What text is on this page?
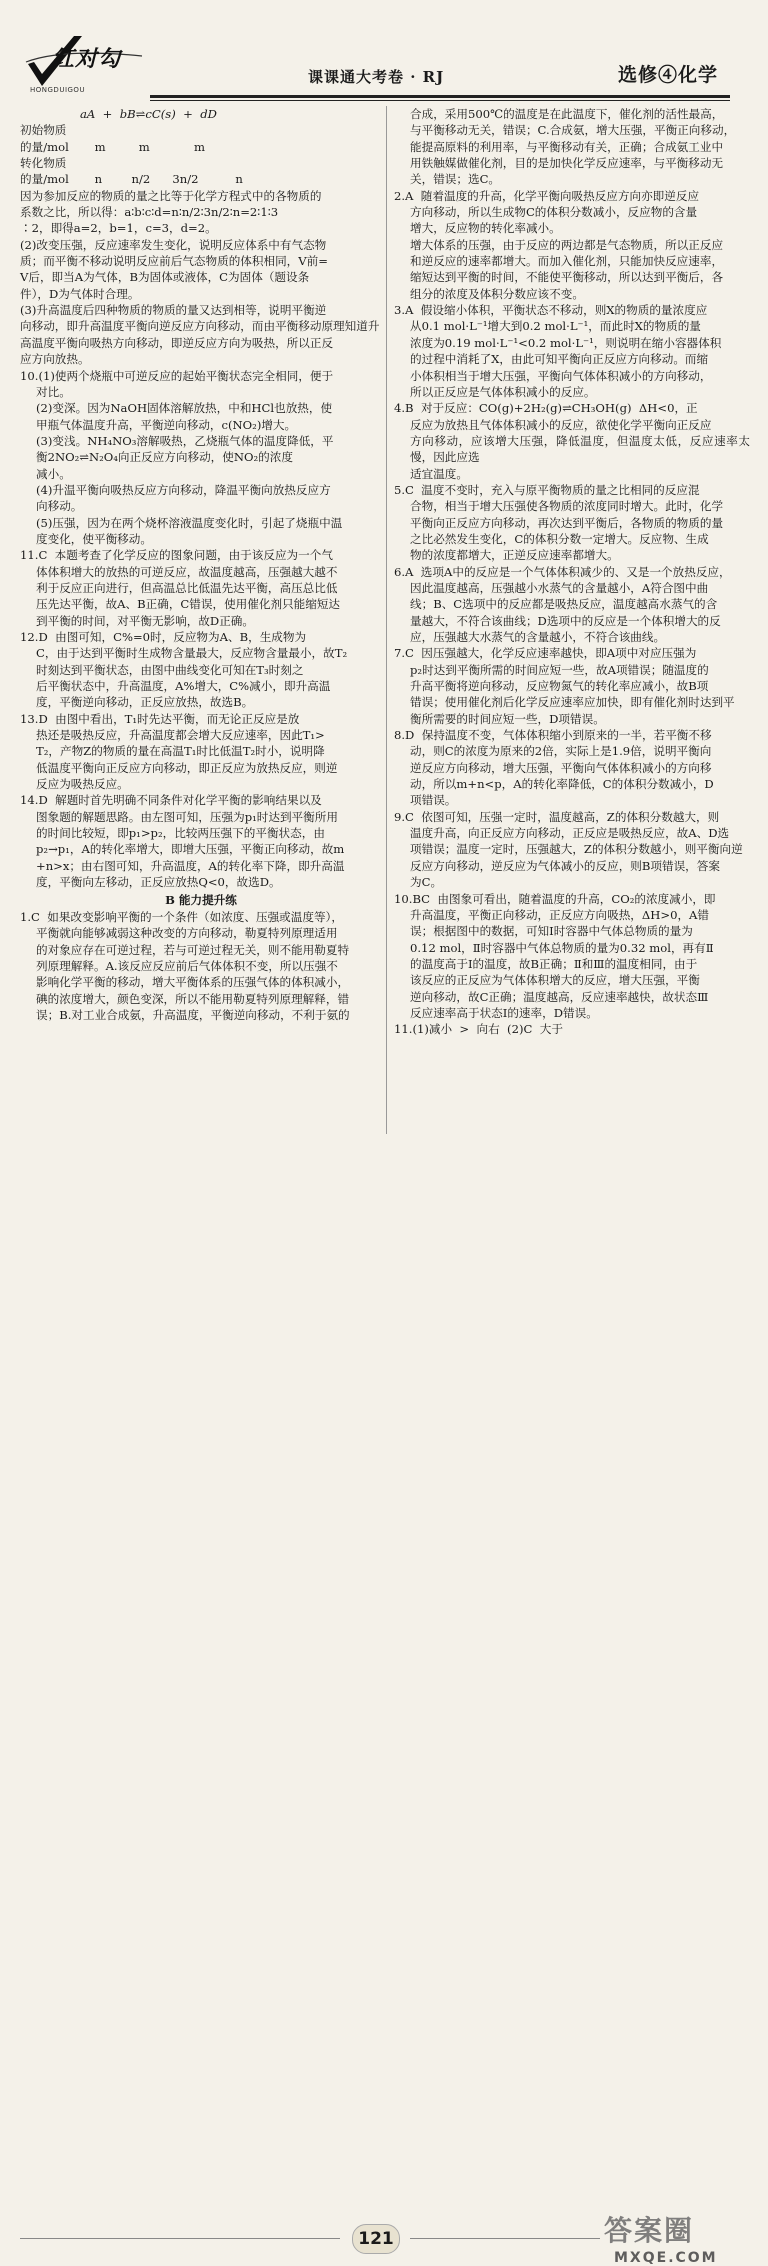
红对勾
HONGDUIGOU
课课通大考卷 · RJ	选修④化学

aA  +  bB⇌cC(s)  +  dD

初始物质

的量/mol       m         m            m

转化物质

的量/mol       n        n/2      3n/2          n

因为参加反应的物质的量之比等于化学方程式中的各物质的

系数之比，所以得：a∶b∶c∶d=n∶n/2∶3n/2∶n=2∶1∶3

∶2，即得a=2，b=1，c=3，d=2。

(2)改变压强，反应速率发生变化，说明反应体系中有气态物

质；而平衡不移动说明反应前后气态物质的体积相同，V前=

V后，即当A为气体，B为固体或液体，C为固体（题设条

件），D为气体时合理。

(3)升高温度后四种物质的物质的量又达到相等，说明平衡逆

向移动，即升高温度平衡向逆反应方向移动，而由平衡移动原理知道升

高温度平衡向吸热方向移动，即逆反应方向为吸热，所以正反

应方向放热。

10.(1)使两个烧瓶中可逆反应的起始平衡状态完全相同，便于

对比。

(2)变深。因为NaOH固体溶解放热，中和HCl也放热，使

甲瓶气体温度升高，平衡逆向移动，c(NO₂)增大。

(3)变浅。NH₄NO₃溶解吸热，乙烧瓶气体的温度降低，平

衡2NO₂⇌N₂O₄向正反应方向移动，使NO₂的浓度

减小。

(4)升温平衡向吸热反应方向移动，降温平衡向放热反应方

向移动。

(5)压强，因为在两个烧杯溶液温度变化时，引起了烧瓶中温

度变化，使平衡移动。

11.C  本题考查了化学反应的图象问题，由于该反应为一个气

体体积增大的放热的可逆反应，故温度越高，压强越大越不

利于反应正向进行，但高温总比低温先达平衡，高压总比低

压先达平衡，故A、B正确，C错误，使用催化剂只能缩短达

到平衡的时间，对平衡无影响，故D正确。

12.D  由图可知，C%=0时，反应物为A、B，生成物为

C，由于达到平衡时生成物含量最大，反应物含量最小，故T₂

时刻达到平衡状态，由图中曲线变化可知在T₃时刻之

后平衡状态中，升高温度，A%增大，C%减小，即升高温

度，平衡逆向移动，正反应放热，故选B。

13.D  由图中看出，T₁时先达平衡，而无论正反应是放

热还是吸热反应，升高温度都会增大反应速率，因此T₁>

T₂，产物Z的物质的量在高温T₁时比低温T₂时小，说明降

低温度平衡向正反应方向移动，即正反应为放热反应，则逆

反应为吸热反应。

14.D  解题时首先明确不同条件对化学平衡的影响结果以及

图象题的解题思路。由左图可知，压强为p₁时达到平衡所用

的时间比较短，即p₁>p₂，比较两压强下的平衡状态，由

p₂→p₁，A的转化率增大，即增大压强，平衡正向移动，故m

+n>x；由右图可知，升高温度，A的转化率下降，即升高温

度，平衡向左移动，正反应放热Q<0，故选D。

B 能力提升练

1.C  如果改变影响平衡的一个条件（如浓度、压强或温度等），

平衡就向能够减弱这种改变的方向移动，勒夏特列原理适用

的对象应存在可逆过程，若与可逆过程无关，则不能用勒夏特

列原理解释。A.该反应反应前后气体体积不变，所以压强不

影响化学平衡的移动，增大平衡体系的压强气体的体积减小，

碘的浓度增大，颜色变深，所以不能用勒夏特列原理解释，错

误；B.对工业合成氨，升高温度，平衡逆向移动，不利于氨的

合成，采用500℃的温度是在此温度下，催化剂的活性最高，

与平衡移动无关，错误；C.合成氨，增大压强，平衡正向移动，

能提高原料的利用率，与平衡移动有关，正确；合成氨工业中

用铁触媒做催化剂，目的是加快化学反应速率，与平衡移动无

关，错误；选C。

2.A  随着温度的升高，化学平衡向吸热反应方向亦即逆反应

方向移动，所以生成物C的体积分数减小，反应物的含量

增大，反应物的转化率减小。

增大体系的压强，由于反应的两边都是气态物质，所以正反应

和逆反应的速率都增大。而加入催化剂，只能加快反应速率，

缩短达到平衡的时间，不能使平衡移动，所以达到平衡后，各

组分的浓度及体积分数应该不变。

3.A  假设缩小体积，平衡状态不移动，则X的物质的量浓度应

从0.1 mol·L⁻¹增大到0.2 mol·L⁻¹，而此时X的物质的量

浓度为0.19 mol·L⁻¹<0.2 mol·L⁻¹，则说明在缩小容器体积

的过程中消耗了X，由此可知平衡向正反应方向移动。而缩

小体积相当于增大压强，平衡向气体体积减小的方向移动，

所以正反应是气体体积减小的反应。

4.B  对于反应：CO(g)+2H₂(g)⇌CH₃OH(g)  ΔH<0，正

反应为放热且气体体积减小的反应，欲使化学平衡向正反应

方向移动，应该增大压强，降低温度，但温度太低，反应速率太慢，因此应选

适宜温度。

5.C  温度不变时，充入与原平衡物质的量之比相同的反应混

合物，相当于增大压强使各物质的浓度同时增大。此时，化学

平衡向正反应方向移动，再次达到平衡后，各物质的物质的量

之比必然发生变化，C的体积分数一定增大。反应物、生成

物的浓度都增大，正逆反应速率都增大。

6.A  选项A中的反应是一个气体体积减少的、又是一个放热反应，

因此温度越高，压强越小水蒸气的含量越小，A符合图中曲

线；B、C选项中的反应都是吸热反应，温度越高水蒸气的含

量越大，不符合该曲线；D选项中的反应是一个体积增大的反

应，压强越大水蒸气的含量越小，不符合该曲线。

7.C  因压强越大，化学反应速率越快，即A项中对应压强为

p₂时达到平衡所需的时间应短一些，故A项错误；随温度的

升高平衡将逆向移动，反应物氮气的转化率应减小，故B项

错误；使用催化剂后化学反应速率应加快，即有催化剂时达到平

衡所需要的时间应短一些，D项错误。

8.D  保持温度不变，气体体积缩小到原来的一半，若平衡不移

动，则C的浓度为原来的2倍，实际上是1.9倍，说明平衡向

逆反应方向移动，增大压强，平衡向气体体积减小的方向移

动，所以m+n<p，A的转化率降低，C的体积分数减小，D

项错误。

9.C  依图可知，压强一定时，温度越高，Z的体积分数越大，则

温度升高，向正反应方向移动，正反应是吸热反应，故A、D选

项错误；温度一定时，压强越大，Z的体积分数越小，则平衡向逆

反应方向移动，逆反应为气体减小的反应，则B项错误，答案

为C。

10.BC  由图象可看出，随着温度的升高，CO₂的浓度减小，即

升高温度，平衡正向移动，正反应方向吸热，ΔH>0，A错

误；根据图中的数据，可知Ⅰ时容器中气体总物质的量为

0.12 mol，Ⅱ时容器中气体总物质的量为0.32 mol，再有Ⅱ

的温度高于Ⅰ的温度，故B正确；Ⅱ和Ⅲ的温度相同，由于

该反应的正反应为气体体积增大的反应，增大压强，平衡

逆向移动，故C正确；温度越高，反应速率越快，故状态Ⅲ

反应速率高于状态Ⅰ的速率，D错误。

11.(1)减小  >  向右  (2)C  大于

121	答案圈
MXQE.COM
